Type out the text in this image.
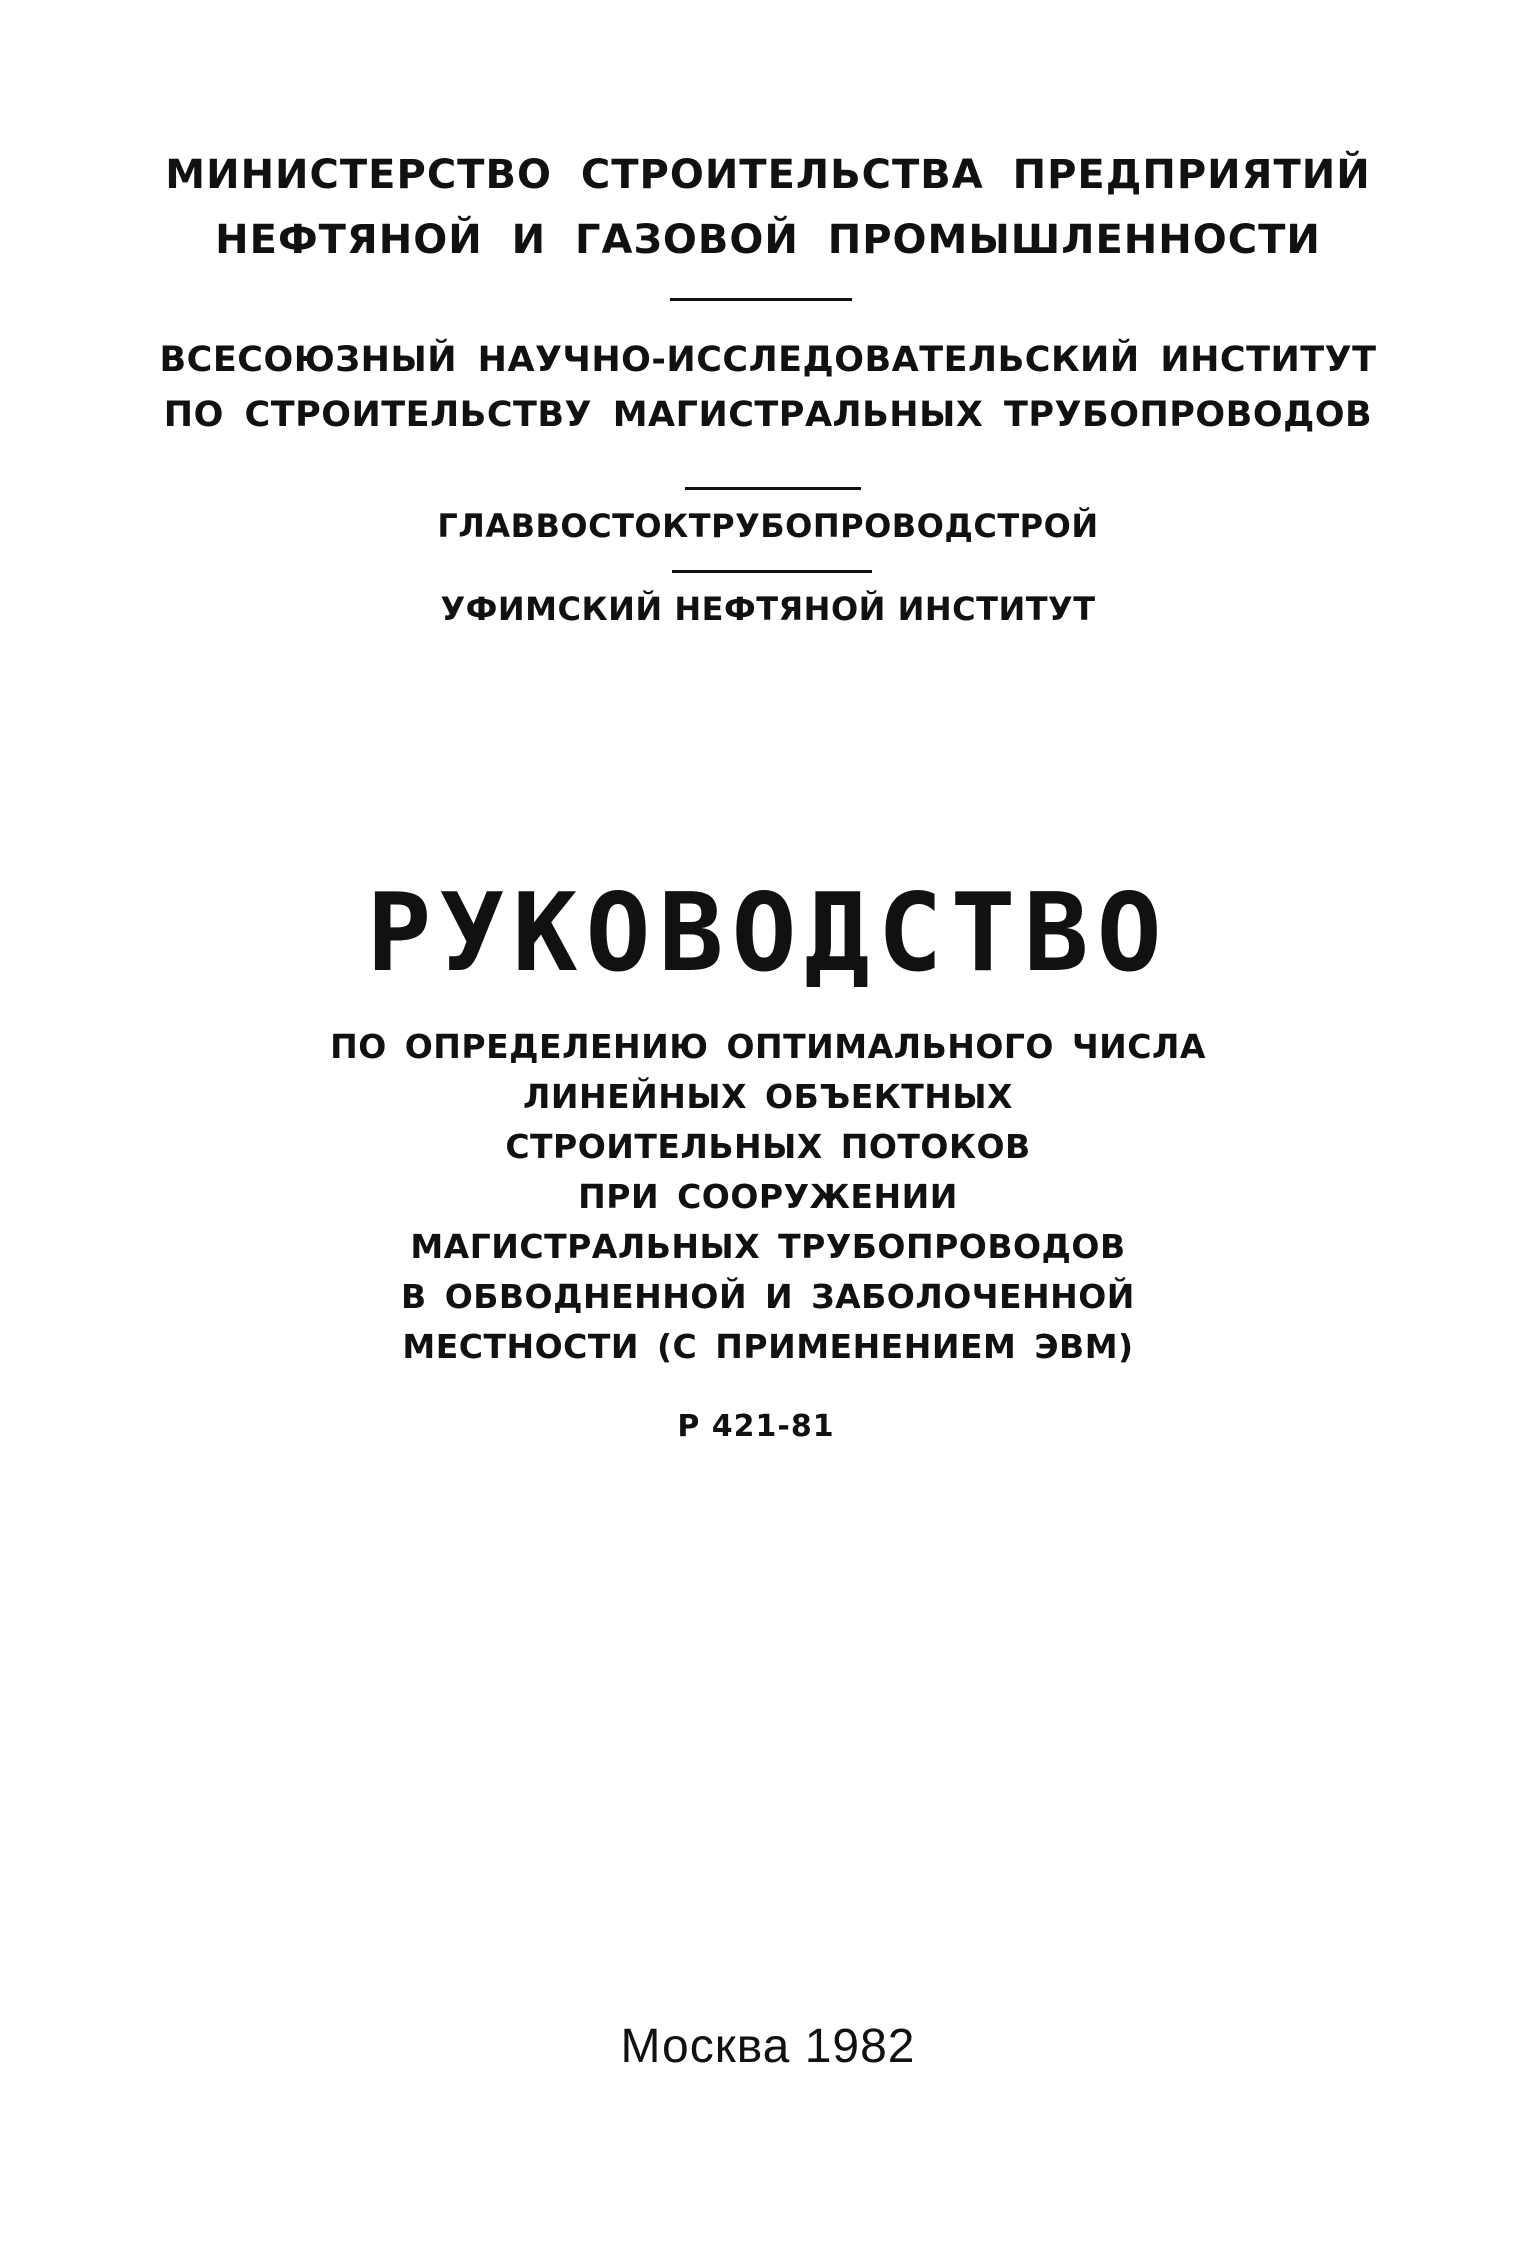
МИНИСТЕРСТВО СТРОИТЕЛЬСТВА ПРЕДПРИЯТИЙ
НЕФТЯНОЙ И ГАЗОВОЙ ПРОМЫШЛЕННОСТИ
ВСЕСОЮЗНЫЙ НАУЧНО-ИССЛЕДОВАТЕЛЬСКИЙ ИНСТИТУТ
ПО СТРОИТЕЛЬСТВУ МАГИСТРАЛЬНЫХ ТРУБОПРОВОДОВ
ГЛАВВОСТОКТРУБОПРОВОДСТРОЙ
УФИМСКИЙ НЕФТЯНОЙ ИНСТИТУТ
РУКОВОДСТВО
ПО ОПРЕДЕЛЕНИЮ ОПТИМАЛЬНОГО ЧИСЛА
ЛИНЕЙНЫХ ОБЪЕКТНЫХ
СТРОИТЕЛЬНЫХ ПОТОКОВ
ПРИ СООРУЖЕНИИ
МАГИСТРАЛЬНЫХ ТРУБОПРОВОДОВ
В ОБВОДНЕННОЙ И ЗАБОЛОЧЕННОЙ
МЕСТНОСТИ (С ПРИМЕНЕНИЕМ ЭВМ)
Р 421-81
Москва 1982
